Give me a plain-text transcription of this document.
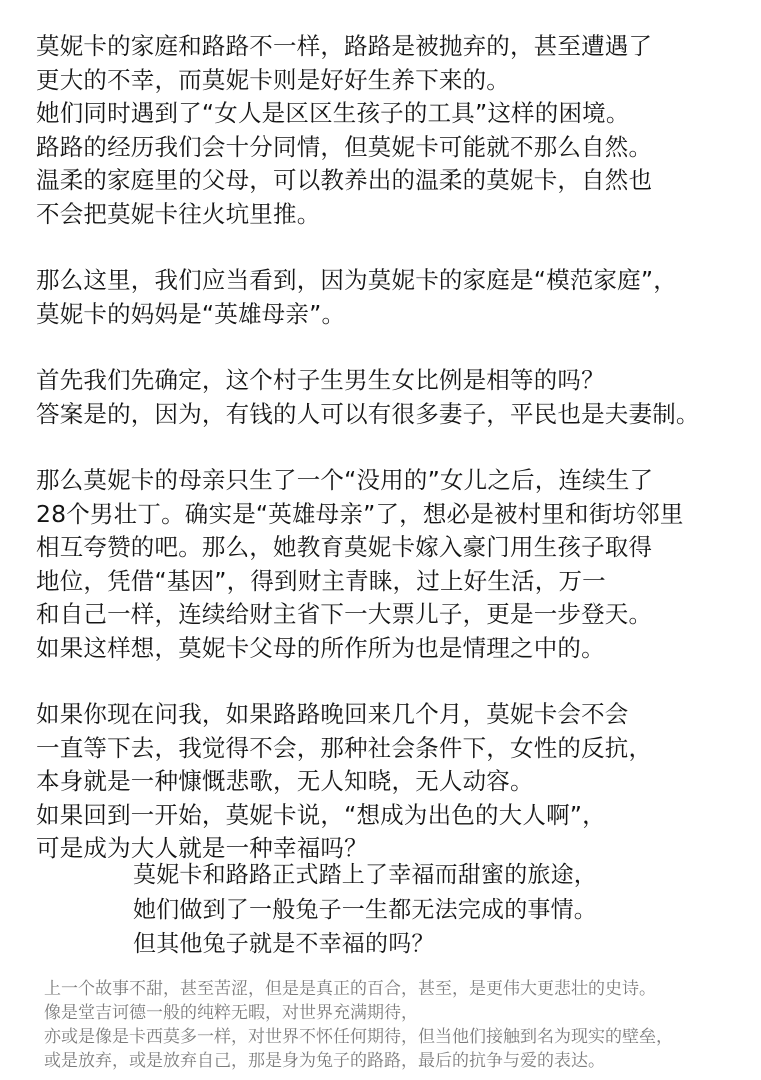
莫妮卡的家庭和路路不一样，路路是被抛弃的，甚至遭遇了
更大的不幸，而莫妮卡则是好好生养下来的。
她们同时遇到了“女人是区区生孩子的工具”这样的困境。
路路的经历我们会十分同情，但莫妮卡可能就不那么自然。
温柔的家庭里的父母，可以教养出的温柔的莫妮卡，自然也
不会把莫妮卡往火坑里推。
那么这里，我们应当看到，因为莫妮卡的家庭是“模范家庭”，
莫妮卡的妈妈是“英雄母亲”。
首先我们先确定，这个村子生男生女比例是相等的吗？
答案是的，因为，有钱的人可以有很多妻子，平民也是夫妻制。
那么莫妮卡的母亲只生了一个“没用的”女儿之后，连续生了
28个男壮丁。确实是“英雄母亲”了，想必是被村里和街坊邻里
相互夸赞的吧。那么，她教育莫妮卡嫁入豪门用生孩子取得
地位，凭借“基因”，得到财主青睐，过上好生活，万一
和自己一样，连续给财主省下一大票儿子，更是一步登天。
如果这样想，莫妮卡父母的所作所为也是情理之中的。
如果你现在问我，如果路路晚回来几个月，莫妮卡会不会
一直等下去，我觉得不会，那种社会条件下，女性的反抗，
本身就是一种慷慨悲歌，无人知晓，无人动容。
如果回到一开始，莫妮卡说，“想成为出色的大人啊”，
可是成为大人就是一种幸福吗？
莫妮卡和路路正式踏上了幸福而甜蜜的旅途，
她们做到了一般兔子一生都无法完成的事情。
但其他兔子就是不幸福的吗？
上一个故事不甜，甚至苦涩，但是是真正的百合，甚至，是更伟大更悲壮的史诗。
像是堂吉诃德一般的纯粹无暇，对世界充满期待，
亦或是像是卡西莫多一样，对世界不怀任何期待，但当他们接触到名为现实的壁垒，
或是放弃，或是放弃自己，那是身为兔子的路路，最后的抗争与爱的表达。
